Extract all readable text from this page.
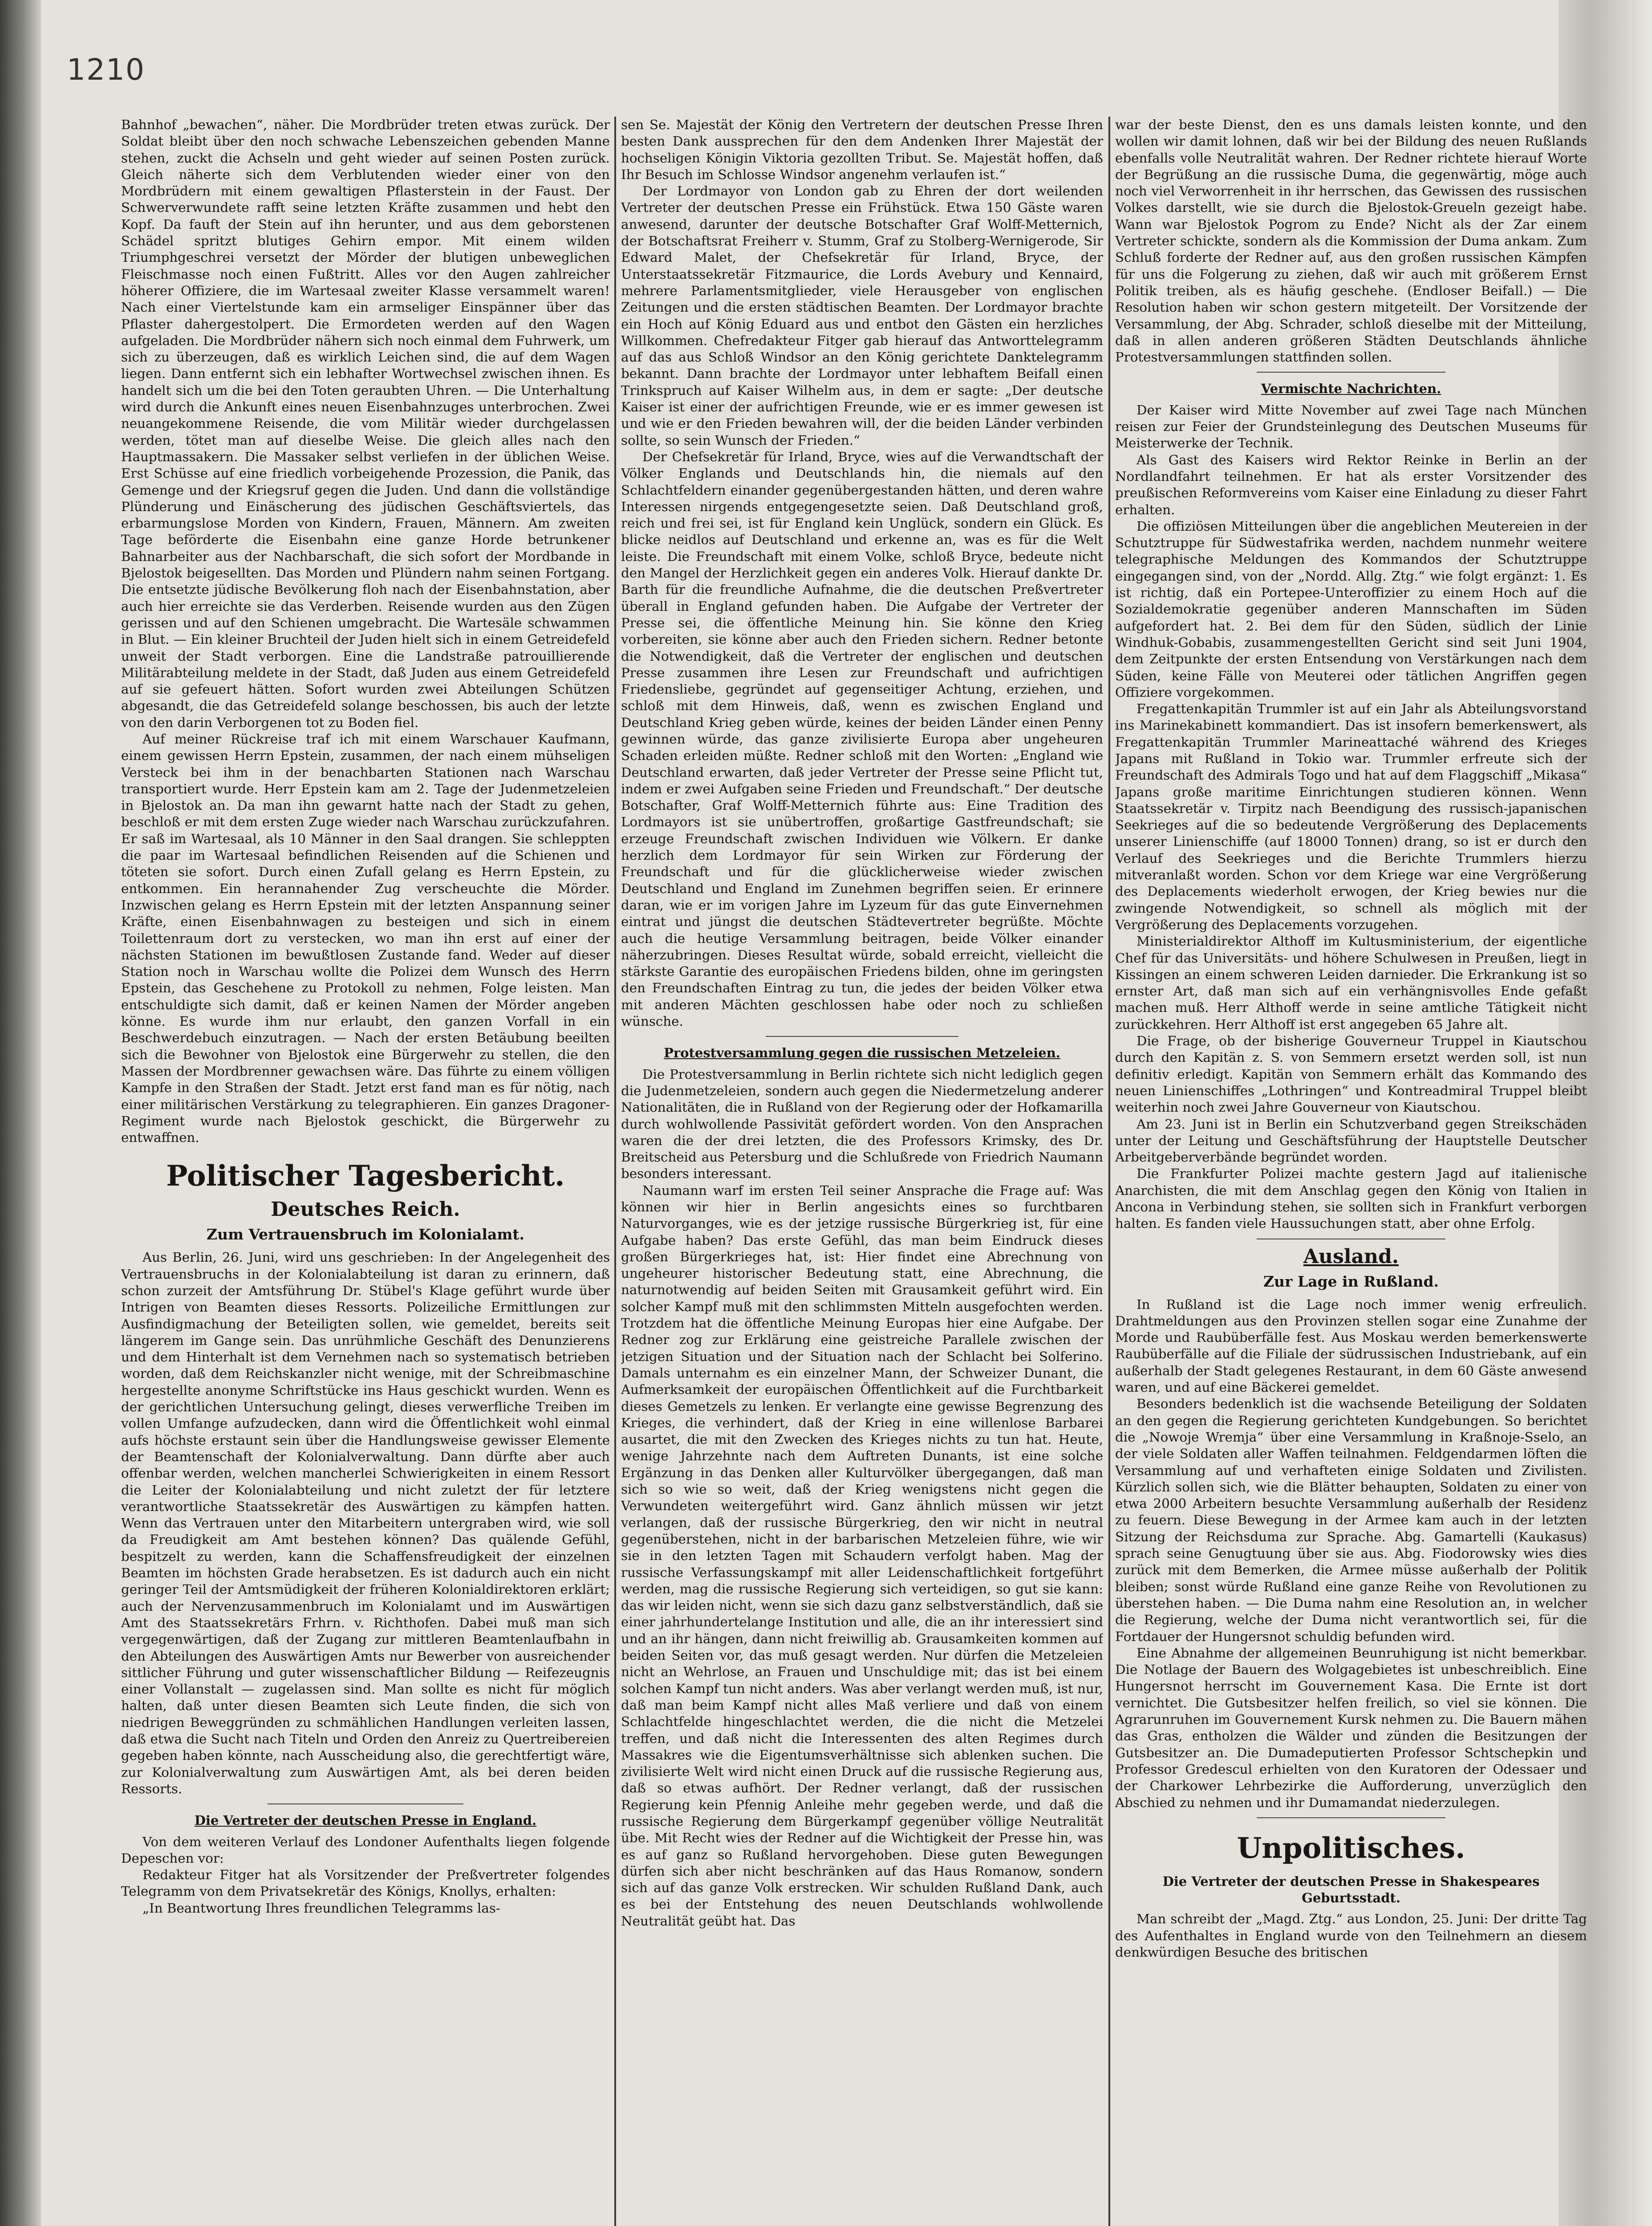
1210

Bahnhof „bewachen“, näher. Die Mordbrüder treten etwas zurück. Der Soldat bleibt über den noch schwache Lebenszeichen gebenden Manne stehen, zuckt die Achseln und geht wieder auf seinen Posten zurück. Gleich näherte sich dem Verblutenden wieder einer von den Mordbrüdern mit einem gewaltigen Pflasterstein in der Faust. Der Schwerverwundete rafft seine letzten Kräfte zusammen und hebt den Kopf. Da fauft der Stein auf ihn herunter, und aus dem geborstenen Schädel spritzt blutiges Gehirn empor. Mit einem wilden Triumphgeschrei versetzt der Mörder der blutigen unbeweglichen Fleischmasse noch einen Fußtritt. Alles vor den Augen zahlreicher höherer Offiziere, die im Wartesaal zweiter Klasse versammelt waren! Nach einer Viertelstunde kam ein armseliger Einspänner über das Pflaster dahergestolpert. Die Ermordeten werden auf den Wagen aufgeladen. Die Mordbrüder nähern sich noch einmal dem Fuhrwerk, um sich zu überzeugen, daß es wirklich Leichen sind, die auf dem Wagen liegen. Dann entfernt sich ein lebhafter Wortwechsel zwischen ihnen. Es handelt sich um die bei den Toten geraubten Uhren. — Die Unterhaltung wird durch die Ankunft eines neuen Eisenbahnzuges unterbrochen. Zwei neuangekommene Reisende, die vom Militär wieder durchgelassen werden, tötet man auf dieselbe Weise. Die gleich alles nach den Hauptmassakern. Die Massaker selbst verliefen in der üblichen Weise. Erst Schüsse auf eine friedlich vorbeigehende Prozession, die Panik, das Gemenge und der Kriegsruf gegen die Juden. Und dann die vollständige Plünderung und Einäscherung des jüdischen Geschäftsviertels, das erbarmungslose Morden von Kindern, Frauen, Männern. Am zweiten Tage beförderte die Eisenbahn eine ganze Horde betrunkener Bahnarbeiter aus der Nachbarschaft, die sich sofort der Mordbande in Bjelostok beigesellten. Das Morden und Plündern nahm seinen Fortgang. Die entsetzte jüdische Bevölkerung floh nach der Eisenbahnstation, aber auch hier erreichte sie das Verderben. Reisende wurden aus den Zügen gerissen und auf den Schienen umgebracht. Die Wartesäle schwammen in Blut. — Ein kleiner Bruchteil der Juden hielt sich in einem Getreidefeld unweit der Stadt verborgen. Eine die Landstraße patrouillierende Militärabteilung meldete in der Stadt, daß Juden aus einem Getreidefeld auf sie gefeuert hätten. Sofort wurden zwei Abteilungen Schützen abgesandt, die das Getreidefeld solange beschossen, bis auch der letzte von den darin Verborgenen tot zu Boden fiel.

Auf meiner Rückreise traf ich mit einem Warschauer Kaufmann, einem gewissen Herrn Epstein, zusammen, der nach einem mühseligen Versteck bei ihm in der benachbarten Stationen nach Warschau transportiert wurde. Herr Epstein kam am 2. Tage der Judenmetzeleien in Bjelostok an. Da man ihn gewarnt hatte nach der Stadt zu gehen, beschloß er mit dem ersten Zuge wieder nach Warschau zurückzufahren. Er saß im Wartesaal, als 10 Männer in den Saal drangen. Sie schleppten die paar im Wartesaal befindlichen Reisenden auf die Schienen und töteten sie sofort. Durch einen Zufall gelang es Herrn Epstein, zu entkommen. Ein herannahender Zug verscheuchte die Mörder. Inzwischen gelang es Herrn Epstein mit der letzten Anspannung seiner Kräfte, einen Eisenbahnwagen zu besteigen und sich in einem Toilettenraum dort zu verstecken, wo man ihn erst auf einer der nächsten Stationen im bewußtlosen Zustande fand. Weder auf dieser Station noch in Warschau wollte die Polizei dem Wunsch des Herrn Epstein, das Geschehene zu Protokoll zu nehmen, Folge leisten. Man entschuldigte sich damit, daß er keinen Namen der Mörder angeben könne. Es wurde ihm nur erlaubt, den ganzen Vorfall in ein Beschwerdebuch einzutragen. — Nach der ersten Betäubung beeilten sich die Bewohner von Bjelostok eine Bürgerwehr zu stellen, die den Massen der Mordbrenner gewachsen wäre. Das führte zu einem völligen Kampfe in den Straßen der Stadt. Jetzt erst fand man es für nötig, nach einer militärischen Verstärkung zu telegraphieren. Ein ganzes Dragoner-Regiment wurde nach Bjelostok geschickt, die Bürgerwehr zu entwaffnen.

Politischer Tagesbericht.
Deutsches Reich.
Zum Vertrauensbruch im Kolonialamt.

Aus Berlin, 26. Juni, wird uns geschrieben: In der Angelegenheit des Vertrauensbruchs in der Kolonialabteilung ist daran zu erinnern, daß schon zurzeit der Amtsführung Dr. Stübel's Klage geführt wurde über Intrigen von Beamten dieses Ressorts. Polizeiliche Ermittlungen zur Ausfindigmachung der Beteiligten sollen, wie gemeldet, bereits seit längerem im Gange sein. Das unrühmliche Geschäft des Denunzierens und dem Hinterhalt ist dem Vernehmen nach so systematisch betrieben worden, daß dem Reichskanzler nicht wenige, mit der Schreibmaschine hergestellte anonyme Schriftstücke ins Haus geschickt wurden. Wenn es der gerichtlichen Untersuchung gelingt, dieses verwerfliche Treiben im vollen Umfange aufzudecken, dann wird die Öffentlichkeit wohl einmal aufs höchste erstaunt sein über die Handlungsweise gewisser Elemente der Beamtenschaft der Kolonialverwaltung. Dann dürfte aber auch offenbar werden, welchen mancherlei Schwierigkeiten in einem Ressort die Leiter der Kolonialabteilung und nicht zuletzt der für letztere verantwortliche Staatssekretär des Auswärtigen zu kämpfen hatten. Wenn das Vertrauen unter den Mitarbeitern untergraben wird, wie soll da Freudigkeit am Amt bestehen können? Das quälende Gefühl, bespitzelt zu werden, kann die Schaffensfreudigkeit der einzelnen Beamten im höchsten Grade herabsetzen. Es ist dadurch auch ein nicht geringer Teil der Amtsmüdigkeit der früheren Kolonialdirektoren erklärt; auch der Nervenzusammenbruch im Kolonialamt und im Auswärtigen Amt des Staatssekretärs Frhrn. v. Richthofen. Dabei muß man sich vergegenwärtigen, daß der Zugang zur mittleren Beamtenlaufbahn in den Abteilungen des Auswärtigen Amts nur Bewerber von ausreichender sittlicher Führung und guter wissenschaftlicher Bildung — Reifezeugnis einer Vollanstalt — zugelassen sind. Man sollte es nicht für möglich halten, daß unter diesen Beamten sich Leute finden, die sich von niedrigen Beweggründen zu schmählichen Handlungen verleiten lassen, daß etwa die Sucht nach Titeln und Orden den Anreiz zu Quertreibereien gegeben haben könnte, nach Ausscheidung also, die gerechtfertigt wäre, zur Kolonialverwaltung zum Auswärtigen Amt, als bei deren beiden Ressorts.

Die Vertreter der deutschen Presse in England.

Von dem weiteren Verlauf des Londoner Aufenthalts liegen folgende Depeschen vor:

Redakteur Fitger hat als Vorsitzender der Preßvertreter folgendes Telegramm von dem Privatsekretär des Königs, Knollys, erhalten:

„In Beantwortung Ihres freundlichen Telegramms las-

sen Se. Majestät der König den Vertretern der deutschen Presse Ihren besten Dank aussprechen für den dem Andenken Ihrer Majestät der hochseligen Königin Viktoria gezollten Tribut. Se. Majestät hoffen, daß Ihr Besuch im Schlosse Windsor angenehm verlaufen ist.“

Der Lordmayor von London gab zu Ehren der dort weilenden Vertreter der deutschen Presse ein Frühstück. Etwa 150 Gäste waren anwesend, darunter der deutsche Botschafter Graf Wolff-Metternich, der Botschaftsrat Freiherr v. Stumm, Graf zu Stolberg-Wernigerode, Sir Edward Malet, der Chefsekretär für Irland, Bryce, der Unterstaatssekretär Fitzmaurice, die Lords Avebury und Kennaird, mehrere Parlamentsmitglieder, viele Herausgeber von englischen Zeitungen und die ersten städtischen Beamten. Der Lordmayor brachte ein Hoch auf König Eduard aus und entbot den Gästen ein herzliches Willkommen. Chefredakteur Fitger gab hierauf das Antworttelegramm auf das aus Schloß Windsor an den König gerichtete Danktelegramm bekannt. Dann brachte der Lordmayor unter lebhaftem Beifall einen Trinkspruch auf Kaiser Wilhelm aus, in dem er sagte: „Der deutsche Kaiser ist einer der aufrichtigen Freunde, wie er es immer gewesen ist und wie er den Frieden bewahren will, der die beiden Länder verbinden sollte, so sein Wunsch der Frieden.“

Der Chefsekretär für Irland, Bryce, wies auf die Verwandtschaft der Völker Englands und Deutschlands hin, die niemals auf den Schlachtfeldern einander gegenübergestanden hätten, und deren wahre Interessen nirgends entgegengesetzte seien. Daß Deutschland groß, reich und frei sei, ist für England kein Unglück, sondern ein Glück. Es blicke neidlos auf Deutschland und erkenne an, was es für die Welt leiste. Die Freundschaft mit einem Volke, schloß Bryce, bedeute nicht den Mangel der Herzlichkeit gegen ein anderes Volk. Hierauf dankte Dr. Barth für die freundliche Aufnahme, die die deutschen Preßvertreter überall in England gefunden haben. Die Aufgabe der Vertreter der Presse sei, die öffentliche Meinung hin. Sie könne den Krieg vorbereiten, sie könne aber auch den Frieden sichern. Redner betonte die Notwendigkeit, daß die Vertreter der englischen und deutschen Presse zusammen ihre Lesen zur Freundschaft und aufrichtigen Friedensliebe, gegründet auf gegenseitiger Achtung, erziehen, und schloß mit dem Hinweis, daß, wenn es zwischen England und Deutschland Krieg geben würde, keines der beiden Länder einen Penny gewinnen würde, das ganze zivilisierte Europa aber ungeheuren Schaden erleiden müßte. Redner schloß mit den Worten: „England wie Deutschland erwarten, daß jeder Vertreter der Presse seine Pflicht tut, indem er zwei Aufgaben seine Frieden und Freundschaft.“ Der deutsche Botschafter, Graf Wolff-Metternich führte aus: Eine Tradition des Lordmayors ist sie unübertroffen, großartige Gastfreundschaft; sie erzeuge Freundschaft zwischen Individuen wie Völkern. Er danke herzlich dem Lordmayor für sein Wirken zur Förderung der Freundschaft und für die glücklicherweise wieder zwischen Deutschland und England im Zunehmen begriffen seien. Er erinnere daran, wie er im vorigen Jahre im Lyzeum für das gute Einvernehmen eintrat und jüngst die deutschen Städtevertreter begrüßte. Möchte auch die heutige Versammlung beitragen, beide Völker einander näherzubringen. Dieses Resultat würde, sobald erreicht, vielleicht die stärkste Garantie des europäischen Friedens bilden, ohne im geringsten den Freundschaften Eintrag zu tun, die jedes der beiden Völker etwa mit anderen Mächten geschlossen habe oder noch zu schließen wünsche.

Protestversammlung gegen die russischen Metzeleien.

Die Protestversammlung in Berlin richtete sich nicht lediglich gegen die Judenmetzeleien, sondern auch gegen die Niedermetzelung anderer Nationalitäten, die in Rußland von der Regierung oder der Hofkamarilla durch wohlwollende Passivität gefördert worden. Von den Ansprachen waren die der drei letzten, die des Professors Krimsky, des Dr. Breitscheid aus Petersburg und die Schlußrede von Friedrich Naumann besonders interessant.

Naumann warf im ersten Teil seiner Ansprache die Frage auf: Was können wir hier in Berlin angesichts eines so furchtbaren Naturvorganges, wie es der jetzige russische Bürgerkrieg ist, für eine Aufgabe haben? Das erste Gefühl, das man beim Eindruck dieses großen Bürgerkrieges hat, ist: Hier findet eine Abrechnung von ungeheurer historischer Bedeutung statt, eine Abrechnung, die naturnotwendig auf beiden Seiten mit Grausamkeit geführt wird. Ein solcher Kampf muß mit den schlimmsten Mitteln ausgefochten werden. Trotzdem hat die öffentliche Meinung Europas hier eine Aufgabe. Der Redner zog zur Erklärung eine geistreiche Parallele zwischen der jetzigen Situation und der Situation nach der Schlacht bei Solferino. Damals unternahm es ein einzelner Mann, der Schweizer Dunant, die Aufmerksamkeit der europäischen Öffentlichkeit auf die Furchtbarkeit dieses Gemetzels zu lenken. Er verlangte eine gewisse Begrenzung des Krieges, die verhindert, daß der Krieg in eine willenlose Barbarei ausartet, die mit den Zwecken des Krieges nichts zu tun hat. Heute, wenige Jahrzehnte nach dem Auftreten Dunants, ist eine solche Ergänzung in das Denken aller Kulturvölker übergegangen, daß man sich so wie so weit, daß der Krieg wenigstens nicht gegen die Verwundeten weitergeführt wird. Ganz ähnlich müssen wir jetzt verlangen, daß der russische Bürgerkrieg, den wir nicht in neutral gegenüberstehen, nicht in der barbarischen Metzeleien führe, wie wir sie in den letzten Tagen mit Schaudern verfolgt haben. Mag der russische Verfassungskampf mit aller Leidenschaftlichkeit fortgeführt werden, mag die russische Regierung sich verteidigen, so gut sie kann: das wir leiden nicht, wenn sie sich dazu ganz selbstverständlich, daß sie einer jahrhundertelange Institution und alle, die an ihr interessiert sind und an ihr hängen, dann nicht freiwillig ab. Grausamkeiten kommen auf beiden Seiten vor, das muß gesagt werden. Nur dürfen die Metzeleien nicht an Wehrlose, an Frauen und Unschuldige mit; das ist bei einem solchen Kampf tun nicht anders. Was aber verlangt werden muß, ist nur, daß man beim Kampf nicht alles Maß verliere und daß von einem Schlachtfelde hingeschlachtet werden, die die nicht die Metzelei treffen, und daß nicht die Interessenten des alten Regimes durch Massakres wie die Eigentumsverhältnisse sich ablenken suchen. Die zivilisierte Welt wird nicht einen Druck auf die russische Regierung aus, daß so etwas aufhört. Der Redner verlangt, daß der russischen Regierung kein Pfennig Anleihe mehr gegeben werde, und daß die russische Regierung dem Bürgerkampf gegenüber völlige Neutralität übe. Mit Recht wies der Redner auf die Wichtigkeit der Presse hin, was es auf ganz so Rußland hervorgehoben. Diese guten Bewegungen dürfen sich aber nicht beschränken auf das Haus Romanow, sondern sich auf das ganze Volk erstrecken. Wir schulden Rußland Dank, auch es bei der Entstehung des neuen Deutschlands wohlwollende Neutralität geübt hat. Das

war der beste Dienst, den es uns damals leisten konnte, und den wollen wir damit lohnen, daß wir bei der Bildung des neuen Rußlands ebenfalls volle Neutralität wahren. Der Redner richtete hierauf Worte der Begrüßung an die russische Duma, die gegenwärtig, möge auch noch viel Verworrenheit in ihr herrschen, das Gewissen des russischen Volkes darstellt, wie sie durch die Bjelostok-Greueln gezeigt habe. Wann war Bjelostok Pogrom zu Ende? Nicht als der Zar einem Vertreter schickte, sondern als die Kommission der Duma ankam. Zum Schluß forderte der Redner auf, aus den großen russischen Kämpfen für uns die Folgerung zu ziehen, daß wir auch mit größerem Ernst Politik treiben, als es häufig geschehe. (Endloser Beifall.) — Die Resolution haben wir schon gestern mitgeteilt. Der Vorsitzende der Versammlung, der Abg. Schrader, schloß dieselbe mit der Mitteilung, daß in allen anderen größeren Städten Deutschlands ähnliche Protestversammlungen stattfinden sollen.

Vermischte Nachrichten.

Der Kaiser wird Mitte November auf zwei Tage nach München reisen zur Feier der Grundsteinlegung des Deutschen Museums für Meisterwerke der Technik.

Als Gast des Kaisers wird Rektor Reinke in Berlin an der Nordlandfahrt teilnehmen. Er hat als erster Vorsitzender des preußischen Reformvereins vom Kaiser eine Einladung zu dieser Fahrt erhalten.

Die offiziösen Mitteilungen über die angeblichen Meutereien in der Schutztruppe für Südwestafrika werden, nachdem nunmehr weitere telegraphische Meldungen des Kommandos der Schutztruppe eingegangen sind, von der „Nordd. Allg. Ztg.“ wie folgt ergänzt: 1. Es ist richtig, daß ein Portepee-Unteroffizier zu einem Hoch auf die Sozialdemokratie gegenüber anderen Mannschaften im Süden aufgefordert hat. 2. Bei dem für den Süden, südlich der Linie Windhuk-Gobabis, zusammengestellten Gericht sind seit Juni 1904, dem Zeitpunkte der ersten Entsendung von Verstärkungen nach dem Süden, keine Fälle von Meuterei oder tätlichen Angriffen gegen Offiziere vorgekommen.

Fregattenkapitän Trummler ist auf ein Jahr als Abteilungsvorstand ins Marinekabinett kommandiert. Das ist insofern bemerkenswert, als Fregattenkapitän Trummler Marineattaché während des Krieges Japans mit Rußland in Tokio war. Trummler erfreute sich der Freundschaft des Admirals Togo und hat auf dem Flaggschiff „Mikasa“ Japans große maritime Einrichtungen studieren können. Wenn Staatssekretär v. Tirpitz nach Beendigung des russisch-japanischen Seekrieges auf die so bedeutende Vergrößerung des Deplacements unserer Linienschiffe (auf 18000 Tonnen) drang, so ist er durch den Verlauf des Seekrieges und die Berichte Trummlers hierzu mitveranlaßt worden. Schon vor dem Kriege war eine Vergrößerung des Deplacements wiederholt erwogen, der Krieg bewies nur die zwingende Notwendigkeit, so schnell als möglich mit der Vergrößerung des Deplacements vorzugehen.

Ministerialdirektor Althoff im Kultusministerium, der eigentliche Chef für das Universitäts- und höhere Schulwesen in Preußen, liegt in Kissingen an einem schweren Leiden darnieder. Die Erkrankung ist so ernster Art, daß man sich auf ein verhängnisvolles Ende gefaßt machen muß. Herr Althoff werde in seine amtliche Tätigkeit nicht zurückkehren. Herr Althoff ist erst angegeben 65 Jahre alt.

Die Frage, ob der bisherige Gouverneur Truppel in Kiautschou durch den Kapitän z. S. von Semmern ersetzt werden soll, ist nun definitiv erledigt. Kapitän von Semmern erhält das Kommando des neuen Linienschiffes „Lothringen“ und Kontreadmiral Truppel bleibt weiterhin noch zwei Jahre Gouverneur von Kiautschou.

Am 23. Juni ist in Berlin ein Schutzverband gegen Streikschäden unter der Leitung und Geschäftsführung der Hauptstelle Deutscher Arbeitgeberverbände begründet worden.

Die Frankfurter Polizei machte gestern Jagd auf italienische Anarchisten, die mit dem Anschlag gegen den König von Italien in Ancona in Verbindung stehen, sie sollten sich in Frankfurt verborgen halten. Es fanden viele Haussuchungen statt, aber ohne Erfolg.

Ausland.
Zur Lage in Rußland.

In Rußland ist die Lage noch immer wenig erfreulich. Drahtmeldungen aus den Provinzen stellen sogar eine Zunahme der Morde und Raubüberfälle fest. Aus Moskau werden bemerkenswerte Raubüberfälle auf die Filiale der südrussischen Industriebank, auf ein außerhalb der Stadt gelegenes Restaurant, in dem 60 Gäste anwesend waren, und auf eine Bäckerei gemeldet.

Besonders bedenklich ist die wachsende Beteiligung der Soldaten an den gegen die Regierung gerichteten Kundgebungen. So berichtet die „Nowoje Wremja“ über eine Versammlung in Kraßnoje-Sselo, an der viele Soldaten aller Waffen teilnahmen. Feldgendarmen löften die Versammlung auf und verhafteten einige Soldaten und Zivilisten. Kürzlich sollen sich, wie die Blätter behaupten, Soldaten zu einer von etwa 2000 Arbeitern besuchte Versammlung außerhalb der Residenz zu feuern. Diese Bewegung in der Armee kam auch in der letzten Sitzung der Reichsduma zur Sprache. Abg. Gamartelli (Kaukasus) sprach seine Genugtuung über sie aus. Abg. Fiodorowsky wies dies zurück mit dem Bemerken, die Armee müsse außerhalb der Politik bleiben; sonst würde Rußland eine ganze Reihe von Revolutionen zu überstehen haben. — Die Duma nahm eine Resolution an, in welcher die Regierung, welche der Duma nicht verantwortlich sei, für die Fortdauer der Hungersnot schuldig befunden wird.

Eine Abnahme der allgemeinen Beunruhigung ist nicht bemerkbar. Die Notlage der Bauern des Wolgagebietes ist unbeschreiblich. Eine Hungersnot herrscht im Gouvernement Kasa. Die Ernte ist dort vernichtet. Die Gutsbesitzer helfen freilich, so viel sie können. Die Agrarunruhen im Gouvernement Kursk nehmen zu. Die Bauern mähen das Gras, entholzen die Wälder und zünden die Besitzungen der Gutsbesitzer an. Die Dumadeputierten Professor Schtschepkin und Professor Gredescul erhielten von den Kuratoren der Odessaer und der Charkower Lehrbezirke die Aufforderung, unverzüglich den Abschied zu nehmen und ihr Dumamandat niederzulegen.

Unpolitisches.
Die Vertreter der deutschen Presse in Shakespeares Geburtsstadt.

Man schreibt der „Magd. Ztg.“ aus London, 25. Juni: Der dritte Tag des Aufenthaltes in England wurde von den Teilnehmern an diesem denkwürdigen Besuche des britischen
